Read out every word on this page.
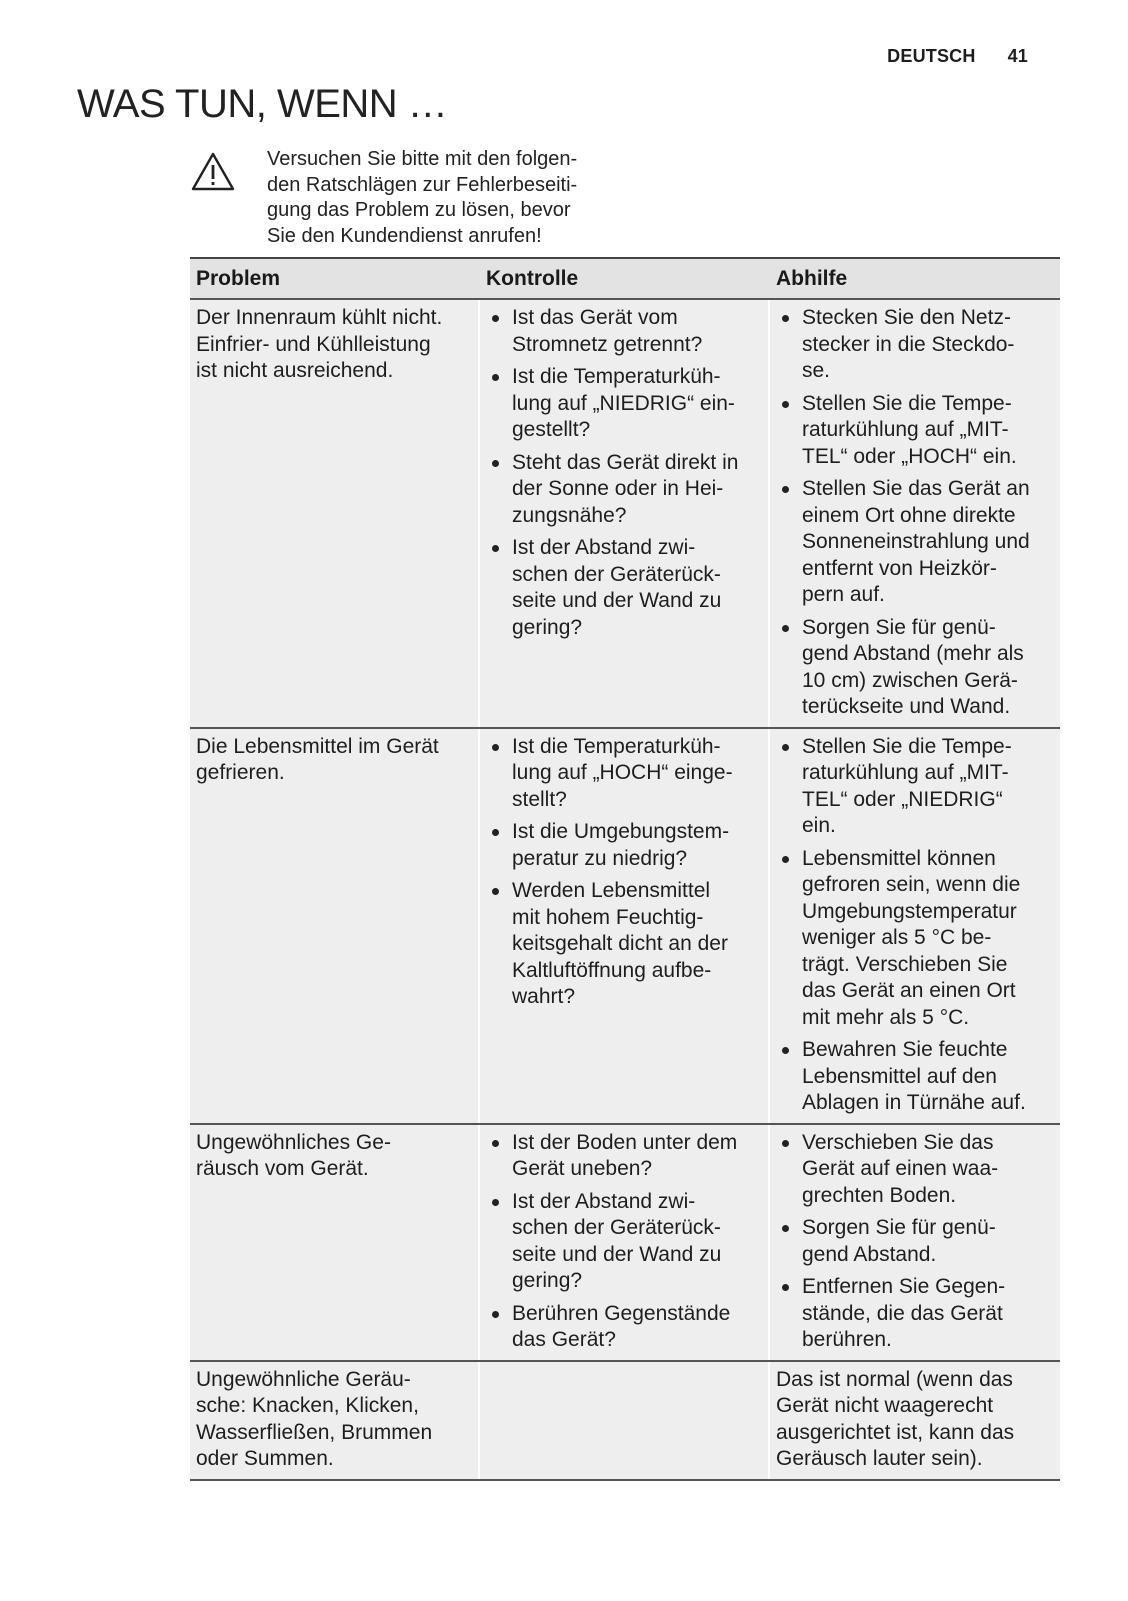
DEUTSCH 41
WAS TUN, WENN …
Versuchen Sie bitte mit den folgen-
den Ratschlägen zur Fehlerbeseiti-
gung das Problem zu lösen, bevor
Sie den Kundendienst anrufen!
Problem	Kontrolle	Abhilfe
Der Innenraum kühlt nicht.
Einfrier- und Kühlleistung
ist nicht ausreichend.
Ist das Gerät vom
Stromnetz getrennt?
Ist die Temperaturküh-
lung auf „NIEDRIG“ ein-
gestellt?
Steht das Gerät direkt in
der Sonne oder in Hei-
zungsnähe?
Ist der Abstand zwi-
schen der Geräterück-
seite und der Wand zu
gering?
Stecken Sie den Netz-
stecker in die Steckdo-
se.
Stellen Sie die Tempe-
raturkühlung auf „MIT-
TEL“ oder „HOCH“ ein.
Stellen Sie das Gerät an
einem Ort ohne direkte
Sonneneinstrahlung und
entfernt von Heizkör-
pern auf.
Sorgen Sie für genü-
gend Abstand (mehr als
10 cm) zwischen Gerä-
terückseite und Wand.
Die Lebensmittel im Gerät
gefrieren.
Ist die Temperaturküh-
lung auf „HOCH“ einge-
stellt?
Ist die Umgebungstem-
peratur zu niedrig?
Werden Lebensmittel
mit hohem Feuchtig-
keitsgehalt dicht an der
Kaltluftöffnung aufbe-
wahrt?
Stellen Sie die Tempe-
raturkühlung auf „MIT-
TEL“ oder „NIEDRIG“
ein.
Lebensmittel können
gefroren sein, wenn die
Umgebungstemperatur
weniger als 5 °C be-
trägt. Verschieben Sie
das Gerät an einen Ort
mit mehr als 5 °C.
Bewahren Sie feuchte
Lebensmittel auf den
Ablagen in Türnähe auf.
Ungewöhnliches Ge-
räusch vom Gerät.
Ist der Boden unter dem
Gerät uneben?
Ist der Abstand zwi-
schen der Geräterück-
seite und der Wand zu
gering?
Berühren Gegenstände
das Gerät?
Verschieben Sie das
Gerät auf einen waa-
grechten Boden.
Sorgen Sie für genü-
gend Abstand.
Entfernen Sie Gegen-
stände, die das Gerät
berühren.
Ungewöhnliche Geräu-
sche: Knacken, Klicken,
Wasserfließen, Brummen
oder Summen.
Das ist normal (wenn das
Gerät nicht waagerecht
ausgerichtet ist, kann das
Geräusch lauter sein).
